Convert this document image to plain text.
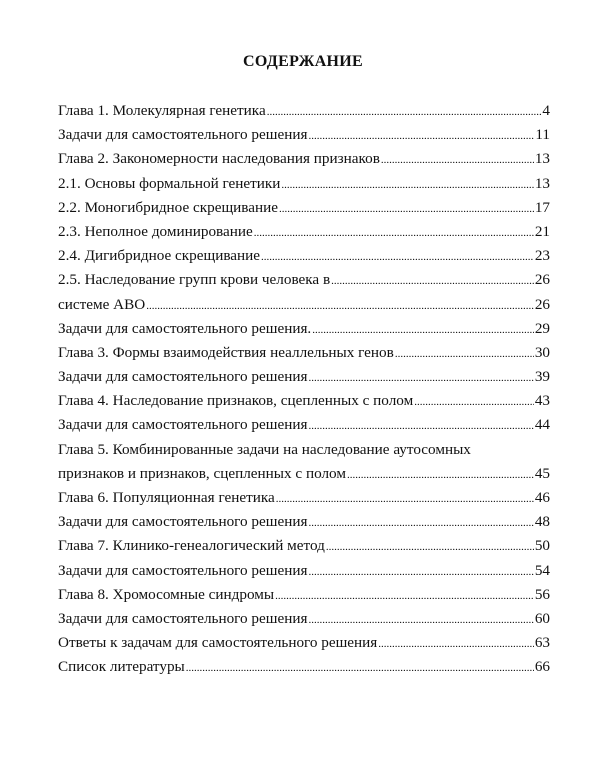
СОДЕРЖАНИЕ
Глава 1. Молекулярная генетика .....	4
Задачи для самостоятельного решения .....	11
Глава 2. Закономерности наследования признаков .....	13
2.1. Основы формальной генетики .....	13
2.2. Моногибридное скрещивание .....	17
2.3. Неполное доминирование .....	21
2.4. Дигибридное скрещивание .....	23
2.5. Наследование групп крови человека в .....	26
системе АВО .....	26
Задачи для самостоятельного решения. .....	29
Глава 3. Формы взаимодействия неаллельных генов .....	30
Задачи для самостоятельного решения .....	39
Глава 4. Наследование признаков, сцепленных с полом .....	43
Задачи для самостоятельного решения .....	44
Глава 5. Комбинированные задачи на наследование аутосомных
признаков и признаков, сцепленных с полом .....	45
Глава 6. Популяционная генетика .....	46
Задачи для самостоятельного решения .....	48
Глава 7. Клинико-генеалогический метод .....	50
Задачи для самостоятельного решения .....	54
Глава 8. Хромосомные синдромы .....	56
Задачи для самостоятельного решения .....	60
Ответы к задачам для самостоятельного решения .....	63
Список литературы .....	66
